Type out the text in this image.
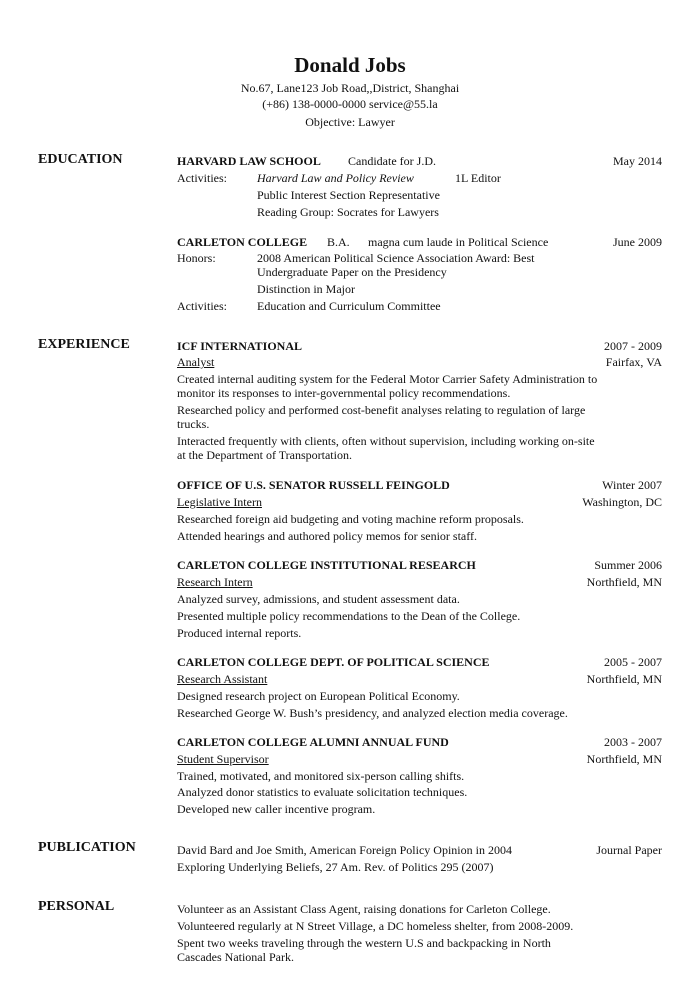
Donald Jobs
No.67, Lane123 Job Road,,District, Shanghai
(+86) 138-0000-0000 service@55.la
Objective: Lawyer
EDUCATION	HARVARD LAW SCHOOL Candidate for J.D.	May 2014
Activities:	Harvard Law and Policy Review	1L Editor
Public Interest Section Representative
Reading Group: Socrates for Lawyers
CARLETON COLLEGE B.A. magna cum laude in Political Science	June 2009
Honors:	2008 American Political Science Association Award: Best
Undergraduate Paper on the Presidency
Distinction in Major
Activities:	Education and Curriculum Committee
EXPERIENCE	ICF INTERNATIONAL	2007 - 2009
Analyst	Fairfax, VA
Created internal auditing system for the Federal Motor Carrier Safety Administration to
monitor its responses to inter-governmental policy recommendations.
Researched policy and performed cost-benefit analyses relating to regulation of large
trucks.
Interacted frequently with clients, often without supervision, including working on-site
at the Department of Transportation.
OFFICE OF U.S. SENATOR RUSSELL FEINGOLD	Winter 2007
Legislative Intern	Washington, DC
Researched foreign aid budgeting and voting machine reform proposals.
Attended hearings and authored policy memos for senior staff.
CARLETON COLLEGE INSTITUTIONAL RESEARCH	Summer 2006
Research Intern	Northfield, MN
Analyzed survey, admissions, and student assessment data.
Presented multiple policy recommendations to the Dean of the College.
Produced internal reports.
CARLETON COLLEGE DEPT. OF POLITICAL SCIENCE	2005 - 2007
Research Assistant	Northfield, MN
Designed research project on European Political Economy.
Researched George W. Bush’s presidency, and analyzed election media coverage.
CARLETON COLLEGE ALUMNI ANNUAL FUND	2003 - 2007
Student Supervisor	Northfield, MN
Trained, motivated, and monitored six-person calling shifts.
Analyzed donor statistics to evaluate solicitation techniques.
Developed new caller incentive program.
PUBLICATION	David Bard and Joe Smith, American Foreign Policy Opinion in 2004	Journal Paper
Exploring Underlying Beliefs, 27 Am. Rev. of Politics 295 (2007)
PERSONAL	Volunteer as an Assistant Class Agent, raising donations for Carleton College.
Volunteered regularly at N Street Village, a DC homeless shelter, from 2008-2009.
Spent two weeks traveling through the western U.S and backpacking in North
Cascades National Park.
